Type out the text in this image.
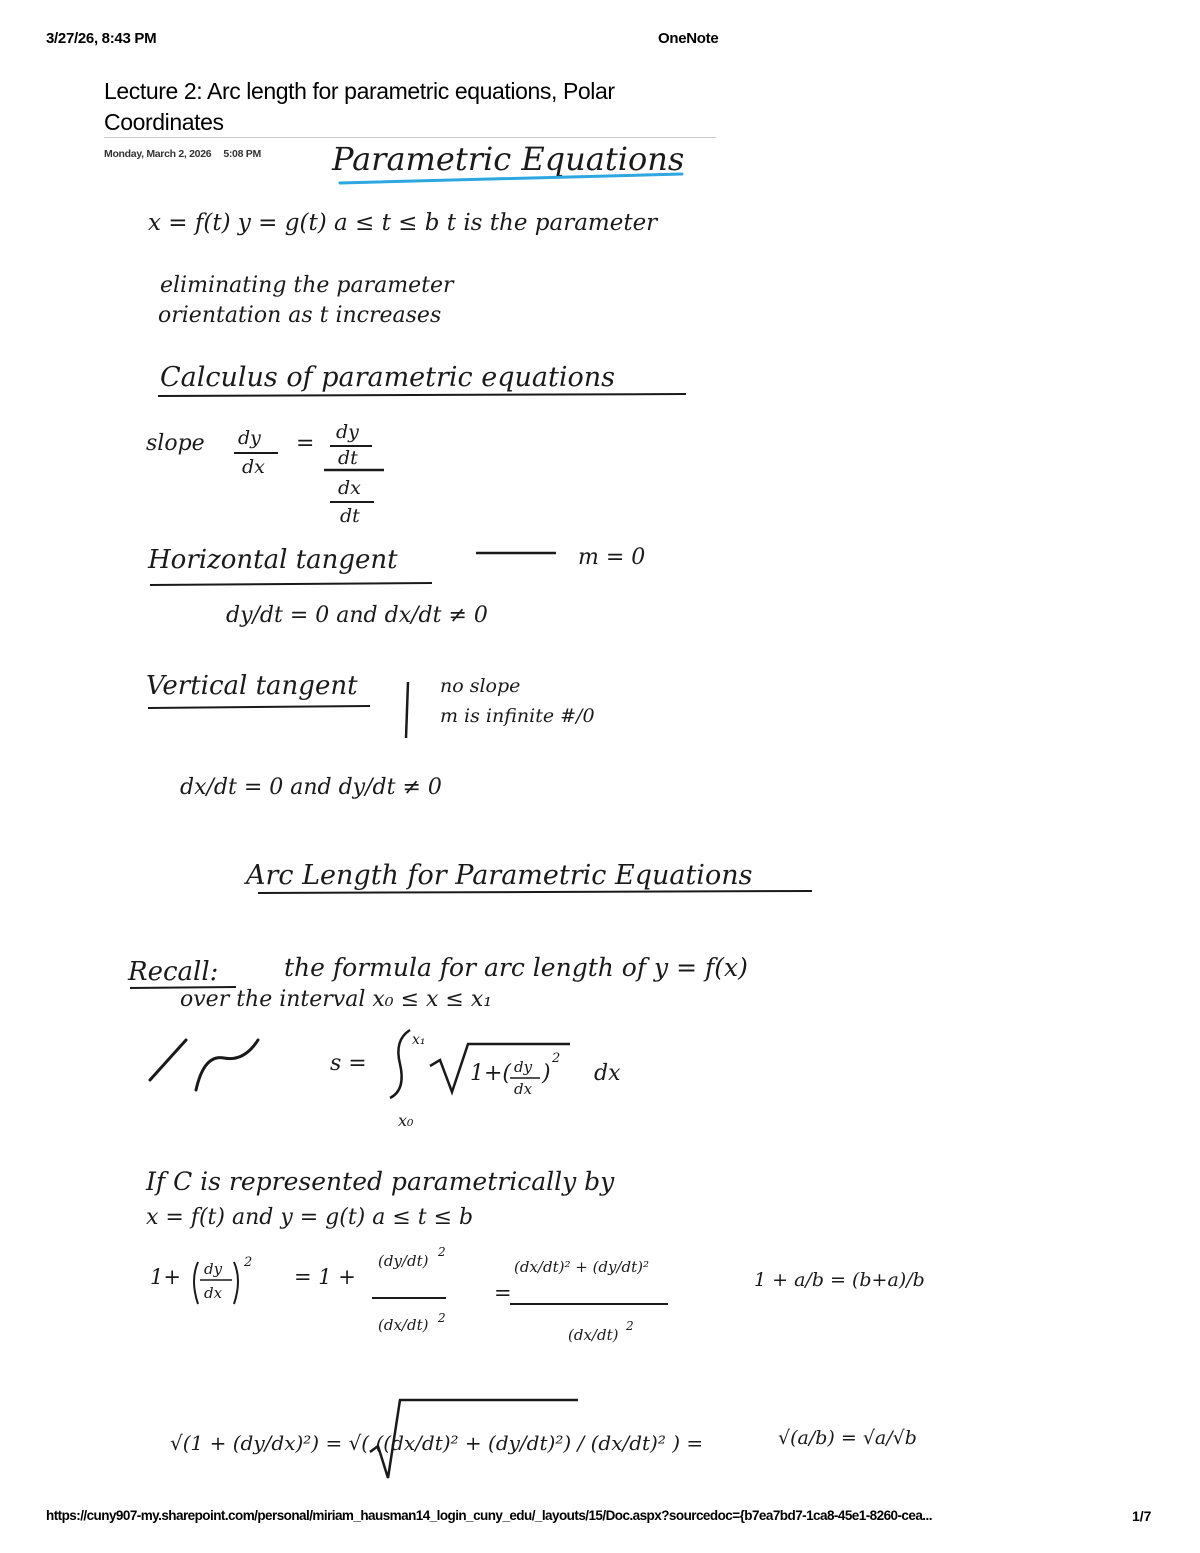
3/27/26, 8:43 PM	OneNote
Lecture 2: Arc length for parametric equations, Polar Coordinates
Monday, March 2, 2026 5:08 PM Parametric Equations
x = f(t) y = g(t) a ≤ t ≤ b t is the parameter
eliminating the parameter
orientation as t increases
Calculus of parametric equations
slope dy
dx
= dy
dt
dx
dt
Horizontal tangent	m = 0
dy/dt = 0 and dx/dt ≠ 0
Vertical tangent	no slope
m is infinite #/0
dx/dt = 0 and dy/dt ≠ 0
Arc Length for Parametric Equations
Recall:	the formula for arc length of y = f(x)
over the interval x₀ ≤ x ≤ x₁
s =
x₁
x₀
1+( dy
dx
)
2
dx
If C is represented parametrically by
x = f(t) and y = g(t) a ≤ t ≤ b
1+ dy
dx
2
= 1 +
(dy/dt) 2
(dx/dt) 2
=
(dx/dt)² + (dy/dt)²
(dx/dt) 2
1 + a/b = (b+a)/b
√(1 + (dy/dx)²) = √( ((dx/dt)² + (dy/dt)²) / (dx/dt)² ) =	√(a/b) = √a/√b
https://cuny907-my.sharepoint.com/personal/miriam_hausman14_login_cuny_edu/_layouts/15/Doc.aspx?sourcedoc={b7ea7bd7-1ca8-45e1-8260-cea...	1/7
